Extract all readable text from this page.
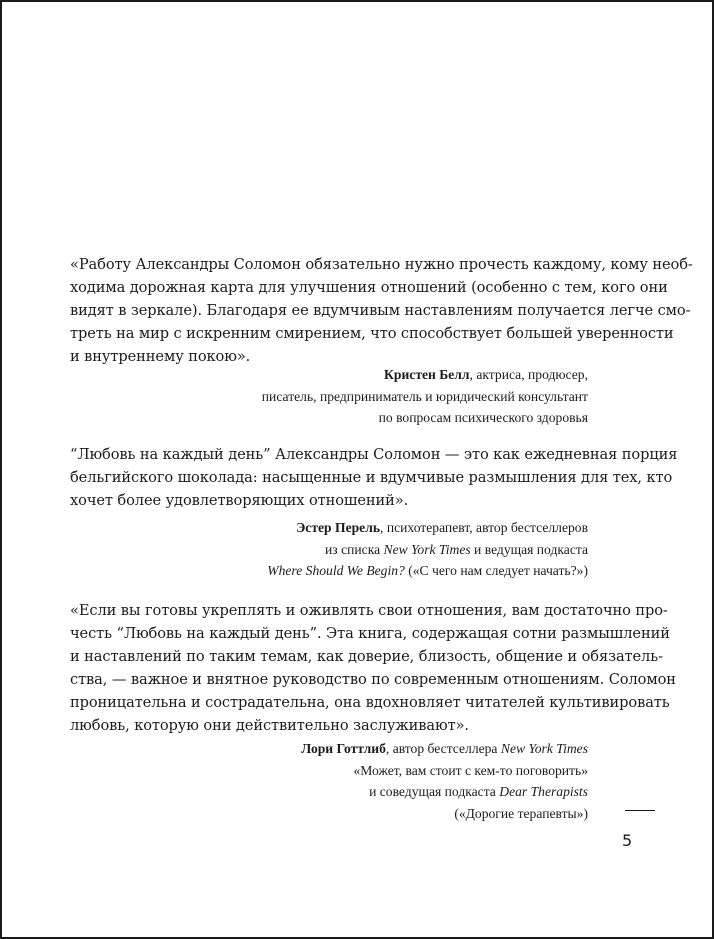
«Работу Александры Соломон обязательно нужно прочесть каждому, кому необ-
ходима дорожная карта для улучшения отношений (особенно с тем, кого они
видят в зеркале). Благодаря ее вдумчивым наставлениям получается легче смо-
треть на мир с искренним смирением, что способствует большей уверенности
и внутреннему покою».
Кристен Белл, актриса, продюсер,
писатель, предприниматель и юридический консультант
по вопросам психического здоровья
“Любовь на каждый день” Александры Соломон — это как ежедневная порция
бельгийского шоколада: насыщенные и вдумчивые размышления для тех, кто
хочет более удовлетворяющих отношений».
Эстер Перель, психотерапевт, автор бестселлеров
из списка New York Times и ведущая подкаста
Where Should We Begin? («С чего нам следует начать?»)
«Если вы готовы укреплять и оживлять свои отношения, вам достаточно про-
честь “Любовь на каждый день”. Эта книга, содержащая сотни размышлений
и наставлений по таким темам, как доверие, близость, общение и обязатель-
ства, — важное и внятное руководство по современным отношениям. Соломон
проницательна и сострадательна, она вдохновляет читателей культивировать
любовь, которую они действительно заслуживают».
Лори Готтлиб, автор бестселлера New York Times
«Может, вам стоит с кем-то поговорить»
и соведущая подкаста Dear Therapists
(«Дорогие терапевты»)
5
